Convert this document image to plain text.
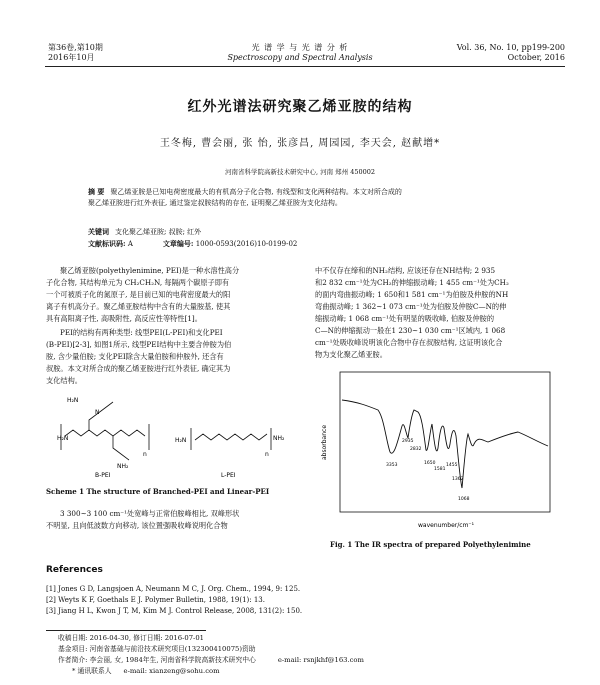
第36卷,第10期
2016年10月
光 谱 学 与 光 谱 分 析
Spectroscopy and Spectral Analysis
Vol. 36, No. 10, pp199-200
October, 2016
红外光谱法研究聚乙烯亚胺的结构
王冬梅, 曹会丽, 张 怡, 张彦昌, 周园园, 李天会, 赵献增*
河南省科学院高新技术研究中心, 河南 郑州 450002
摘 要 聚乙烯亚胺是已知电荷密度最大的有机高分子化合物, 有线型和支化两种结构。本文对所合成的
聚乙烯亚胺进行红外表征, 通过鉴定叔胺结构的存在, 证明聚乙烯亚胺为支化结构。
关键词 支化聚乙烯亚胺; 叔胺; 红外
文献标识码: A	文章编号: 1000-0593(2016)10-0199-02
聚乙烯亚胺(polyethylenimine, PEI)是一种水溶性高分
子化合物, 其结构单元为 CH₂CH₂N, 每隔两个碳原子即有
一个可被质子化的氮原子, 是目前已知的电荷密度最大的阳
离子有机高分子。聚乙烯亚胺结构中含有的大量胺基, 使其
具有高阳离子性, 高吸附性, 高反应性等特性[1]。
PEI的结构有两种类型: 线型PEI(L-PEI)和支化PEI
(B-PEI)[2-3], 如图1所示, 线型PEI结构中主要含仲胺为伯
胺, 含少量伯胺; 支化PEI除含大量伯胺和仲胺外, 还含有
叔胺。本文对所合成的聚乙烯亚胺进行红外表征, 确定其为
支化结构。
H₂N
N
H₂N
NH₂
n
B-PEI
H₂N	NH₂
n
L-PEI
Scheme 1 The structure of Branched-PEI and Linear-PEI
3 300~3 100 cm⁻¹处宽峰与正常伯胺峰相比, 双峰形状
不明显, 且向低波数方向移动, 该位置强吸收峰说明化合物
中不仅存在缔和的NH₂结构, 应该还存在NH结构; 2 935
和2 832 cm⁻¹处为CH₂的伸缩振动峰; 1 455 cm⁻¹处为CH₂
的面内弯曲振动峰; 1 650和1 581 cm⁻¹为伯胺及仲胺的NH
弯曲振动峰; 1 362~1 073 cm⁻¹处为伯胺及仲胺C—N的伸
缩振动峰; 1 068 cm⁻¹处有明显的吸收峰, 伯胺及仲胺的
C—N的伸缩振动一般在1 230~1 030 cm⁻¹区域内, 1 068
cm⁻¹处吸收峰说明该化合物中存在叔胺结构, 这证明该化合
物为支化聚乙烯亚胺。
absorbance
wavenumber/cm⁻¹
3353
2935
2832
1650
1581
1455
1362
1068
Fig. 1 The IR spectra of prepared Polyethylenimine
References
[1] Jones G D, Langsjoen A, Neumann M C, J. Org. Chem., 1994, 9: 125.
[2] Weyts K F, Goethals E J. Polymer Bulletin, 1988, 19(1): 13.
[3] Jiang H L, Kwon J T, M, Kim M J. Control Release, 2008, 131(2): 150.
收稿日期: 2016-04-30, 修订日期: 2016-07-01
基金项目: 河南省基础与前沿技术研究项目(132300410075)资助
作者简介: 李会丽, 女, 1984年生, 河南省科学院高新技术研究中心	e-mail: rsnjkhf@163.com
* 通讯联系人 e-mail: xianzeng@sohu.com
